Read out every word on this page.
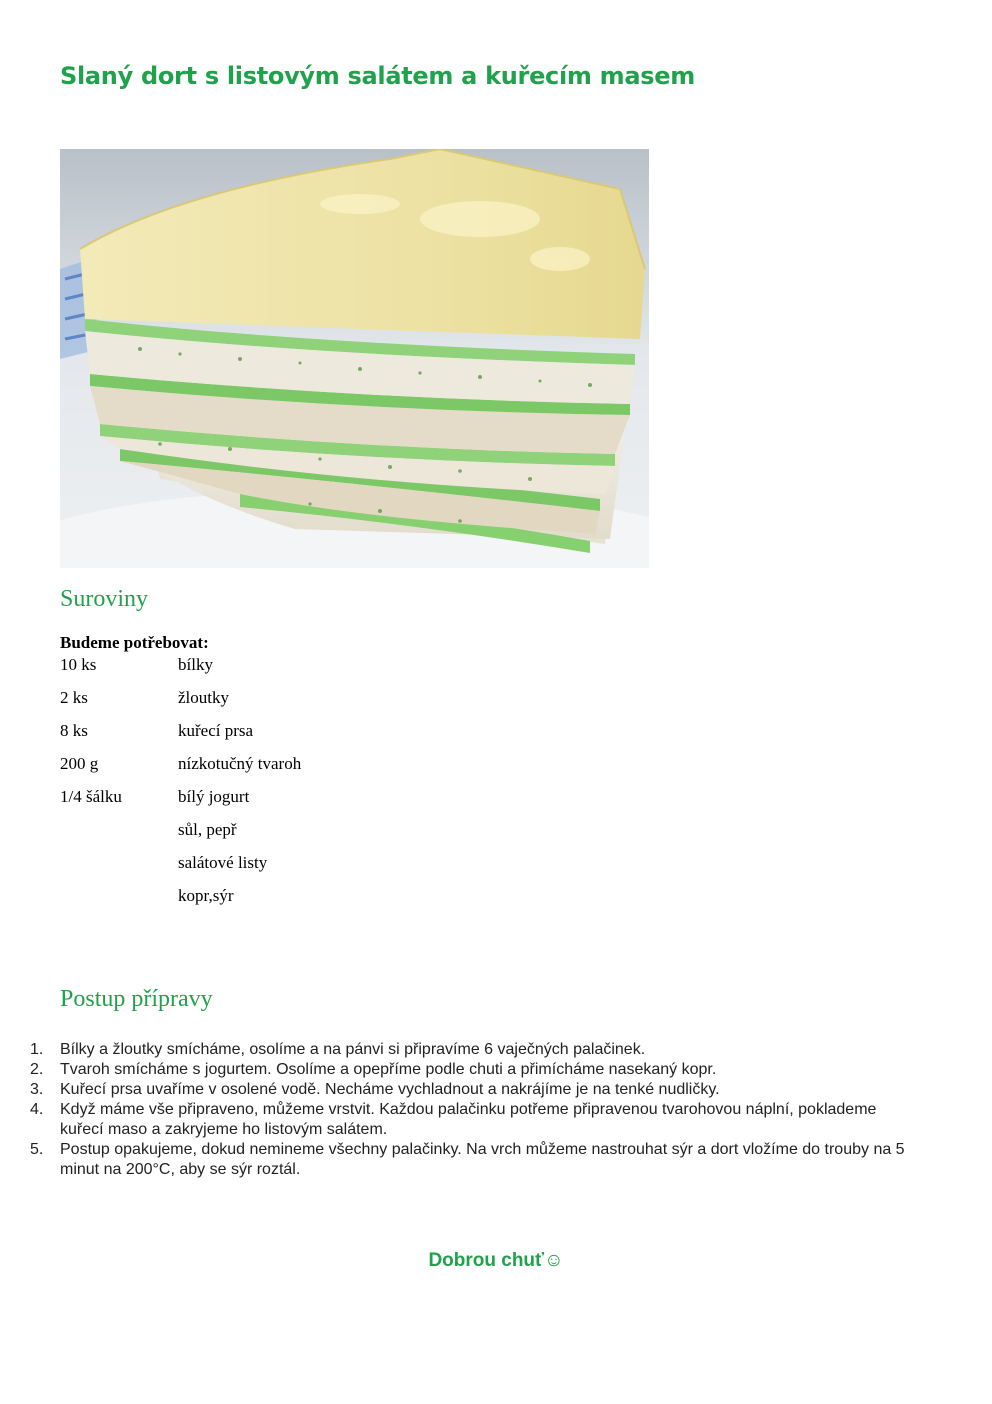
Slaný dort s listovým salátem a kuřecím masem
Suroviny
Budeme potřebovat:
10 ks	bílky
2 ks	žloutky
8 ks	kuřecí prsa
200 g	nízkotučný tvaroh
1/4 šálku	bílý jogurt
sůl, pepř
salátové listy
kopr,sýr
Postup přípravy
1. Bílky a žloutky smícháme, osolíme a na pánvi si připravíme 6 vaječných palačinek.
2. Tvaroh smícháme s jogurtem. Osolíme a opepříme podle chuti a přimícháme nasekaný kopr.
3. Kuřecí prsa uvaříme v osolené vodě. Necháme vychladnout a nakrájíme je na tenké nudličky.
4. Když máme vše připraveno, můžeme vrstvit. Každou palačinku potřeme připravenou tvarohovou náplní, poklademe kuřecí maso a zakryjeme ho listovým salátem.
5. Postup opakujeme, dokud nemineme všechny palačinky. Na vrch můžeme nastrouhat sýr a dort vložíme do trouby na 5 minut na 200°C, aby se sýr roztál.
Dobrou chuť☺
